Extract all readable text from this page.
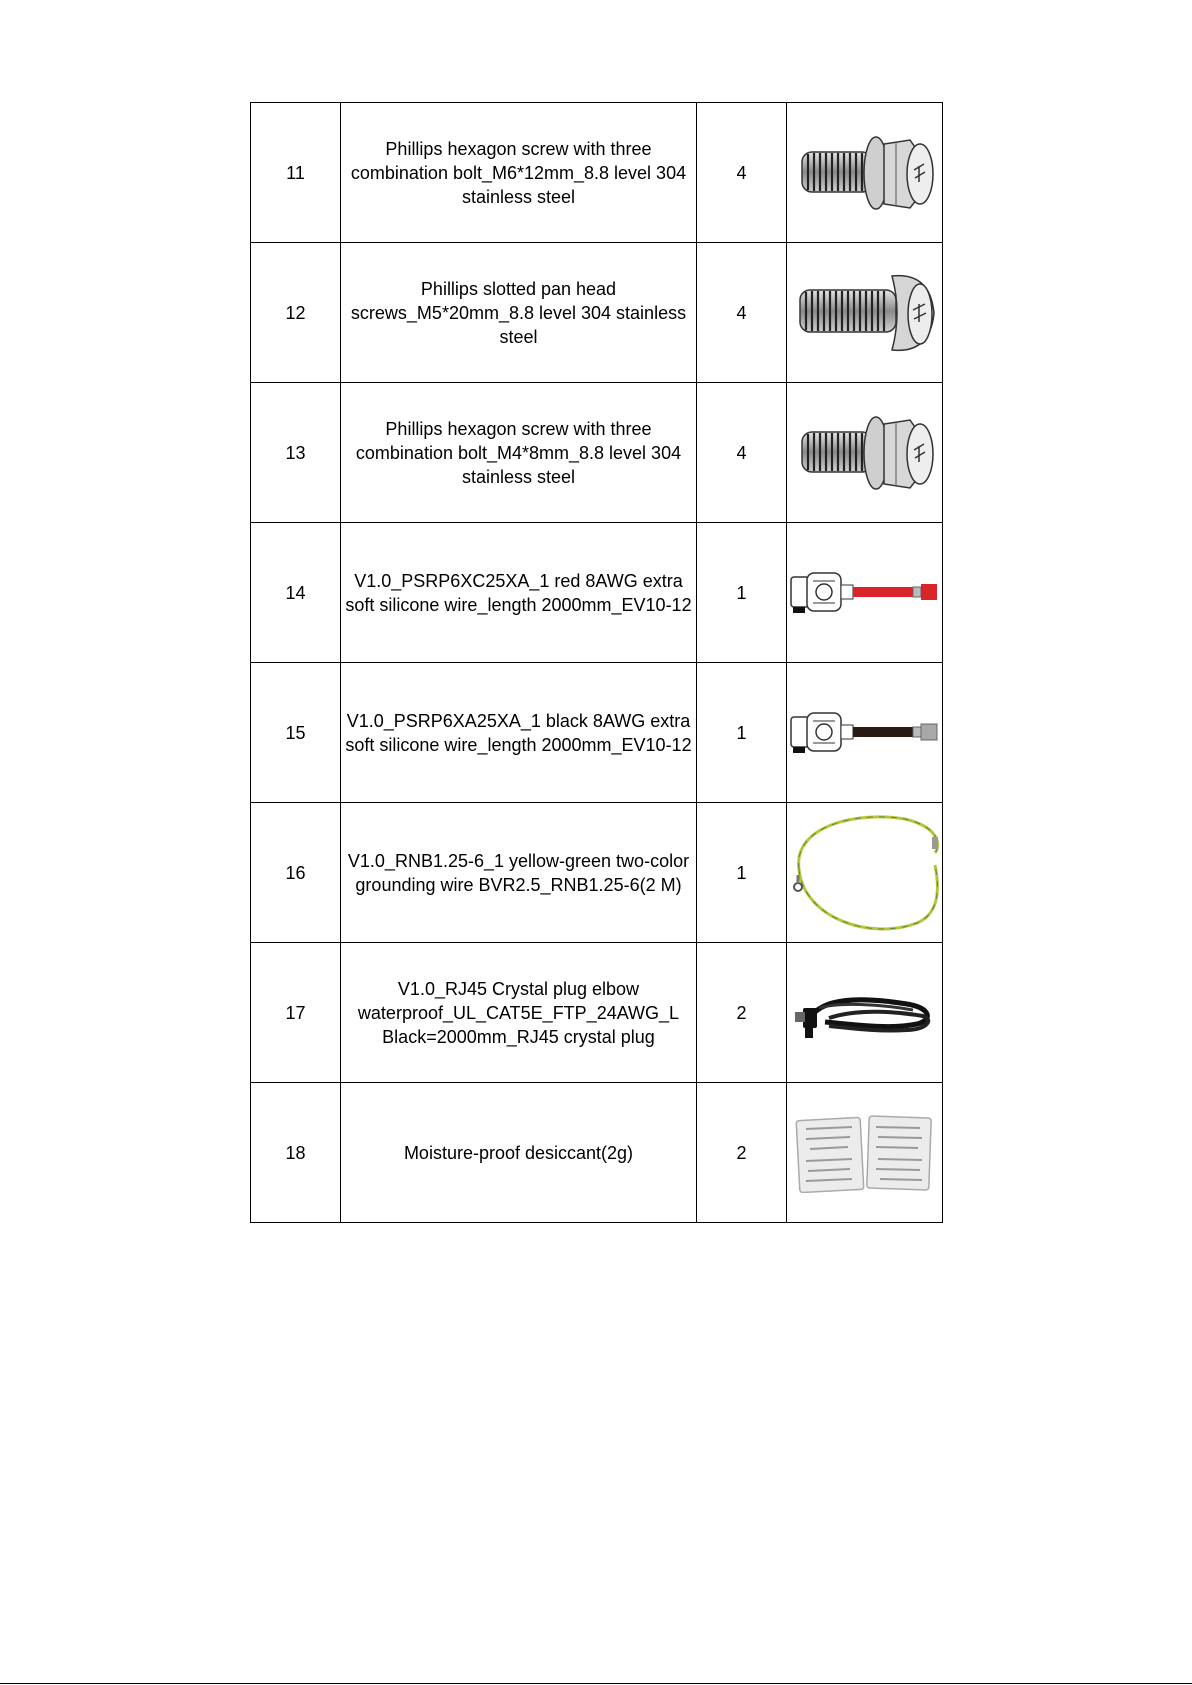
11	Phillips hexagon screw with three combination bolt_M6*12mm_8.8 level 304 stainless steel	4	

12	Phillips slotted pan head screws_M5*20mm_8.8 level 304 stainless steel	4	

13	Phillips hexagon screw with three combination bolt_M4*8mm_8.8 level 304 stainless steel	4	

14	V1.0_PSRP6XC25XA_1 red 8AWG extra soft silicone wire_length 2000mm_EV10-12	1	

15	V1.0_PSRP6XA25XA_1 black 8AWG extra soft silicone wire_length 2000mm_EV10-12	1	

16	V1.0_RNB1.25-6_1 yellow-green two-color grounding wire BVR2.5_RNB1.25-6(2 M)	1	

17	V1.0_RJ45 Crystal plug elbow waterproof_UL_CAT5E_FTP_24AWG_L Black=2000mm_RJ45 crystal plug	2	

18	Moisture-proof desiccant(2g)	2	
